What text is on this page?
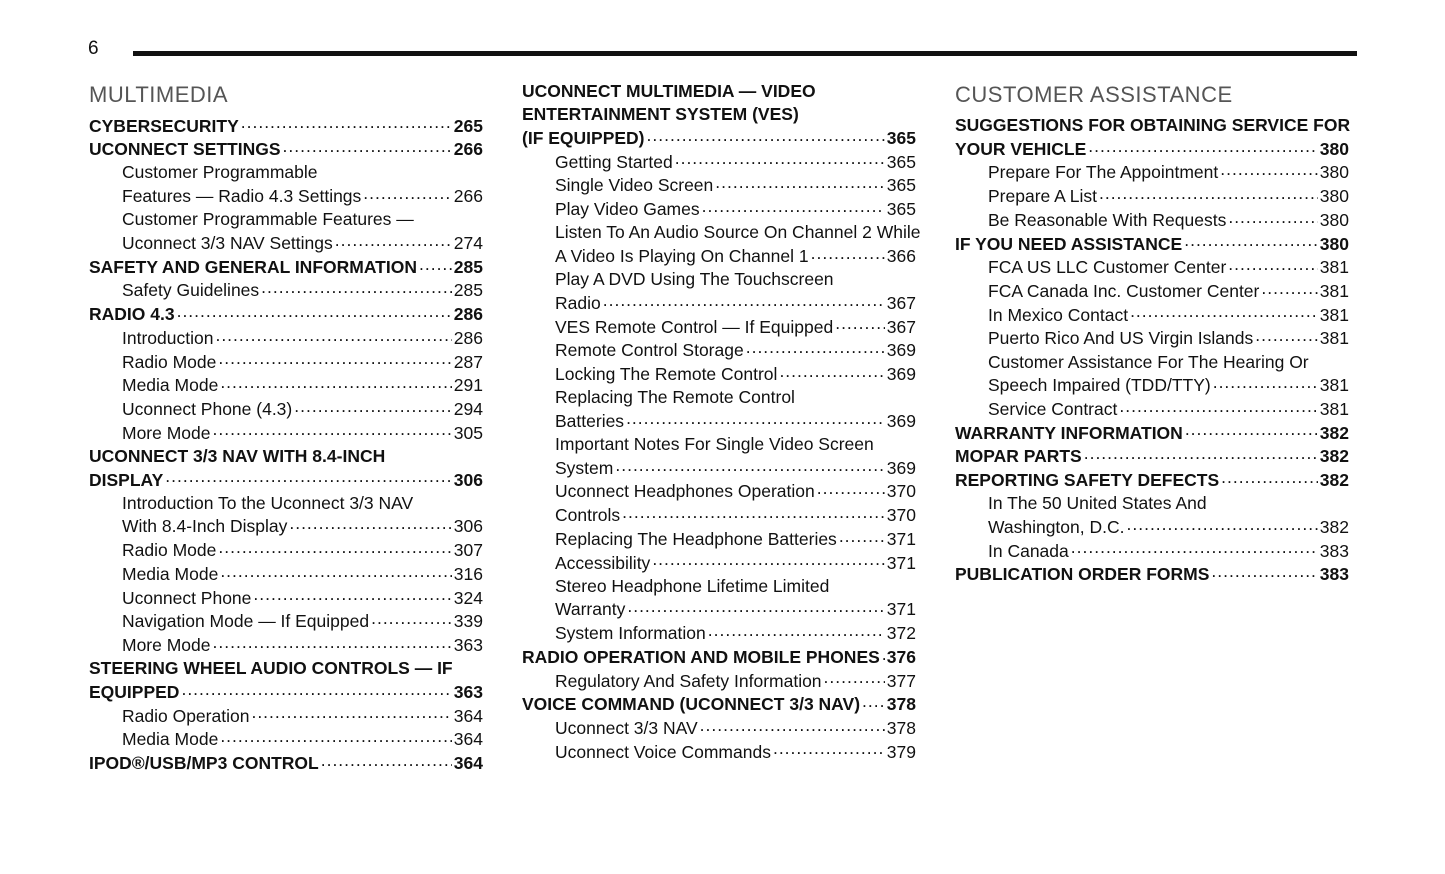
6
MULTIMEDIA
CYBERSECURITY .....	265
UCONNECT SETTINGS .....	266
Customer Programmable
Features — Radio 4.3 Settings .....	266
Customer Programmable Features —
Uconnect 3/3 NAV Settings .....	274
SAFETY AND GENERAL INFORMATION ..... 285
Safety Guidelines .....	285
RADIO 4.3 .....	286
Introduction .....	286
Radio Mode .....	287
Media Mode .....	291
Uconnect Phone (4.3) .....	294
More Mode .....	305
UCONNECT 3/3 NAV WITH 8.4-INCH
DISPLAY .....	306
Introduction To the Uconnect 3/3 NAV
With 8.4-Inch Display .....	306
Radio Mode .....	307
Media Mode .....	316
Uconnect Phone .....	324
Navigation Mode — If Equipped .....	339
More Mode .....	363
STEERING WHEEL AUDIO CONTROLS — IF
EQUIPPED .....	363
Radio Operation .....	364
Media Mode .....	364
IPOD®/USB/MP3 CONTROL .....	364
UCONNECT MULTIMEDIA — VIDEO
ENTERTAINMENT SYSTEM (VES)
(IF EQUIPPED) .....	365
Getting Started .....	365
Single Video Screen .....	365
Play Video Games .....	365
Listen To An Audio Source On Channel 2 While
A Video Is Playing On Channel 1 .....	366
Play A DVD Using The Touchscreen
Radio .....	367
VES Remote Control — If Equipped .....	367
Remote Control Storage .....	369
Locking The Remote Control .....	369
Replacing The Remote Control
Batteries .....	369
Important Notes For Single Video Screen
System .....	369
Uconnect Headphones Operation .....	370
Controls .....	370
Replacing The Headphone Batteries .....	371
Accessibility .....	371
Stereo Headphone Lifetime Limited
Warranty .....	371
System Information .....	372
RADIO OPERATION AND MOBILE PHONES ..... 376
Regulatory And Safety Information .....	377
VOICE COMMAND (UCONNECT 3/3 NAV) ..... 378
Uconnect 3/3 NAV .....	378
Uconnect Voice Commands .....	379
CUSTOMER ASSISTANCE
SUGGESTIONS FOR OBTAINING SERVICE FOR
YOUR VEHICLE .....	380
Prepare For The Appointment .....	380
Prepare A List .....	380
Be Reasonable With Requests .....	380
IF YOU NEED ASSISTANCE .....	380
FCA US LLC Customer Center .....	381
FCA Canada Inc. Customer Center .....	381
In Mexico Contact .....	381
Puerto Rico And US Virgin Islands .....	381
Customer Assistance For The Hearing Or
Speech Impaired (TDD/TTY) .....	381
Service Contract .....	381
WARRANTY INFORMATION .....	382
MOPAR PARTS .....	382
REPORTING SAFETY DEFECTS .....	382
In The 50 United States And
Washington, D.C. .....	382
In Canada .....	383
PUBLICATION ORDER FORMS .....	383
